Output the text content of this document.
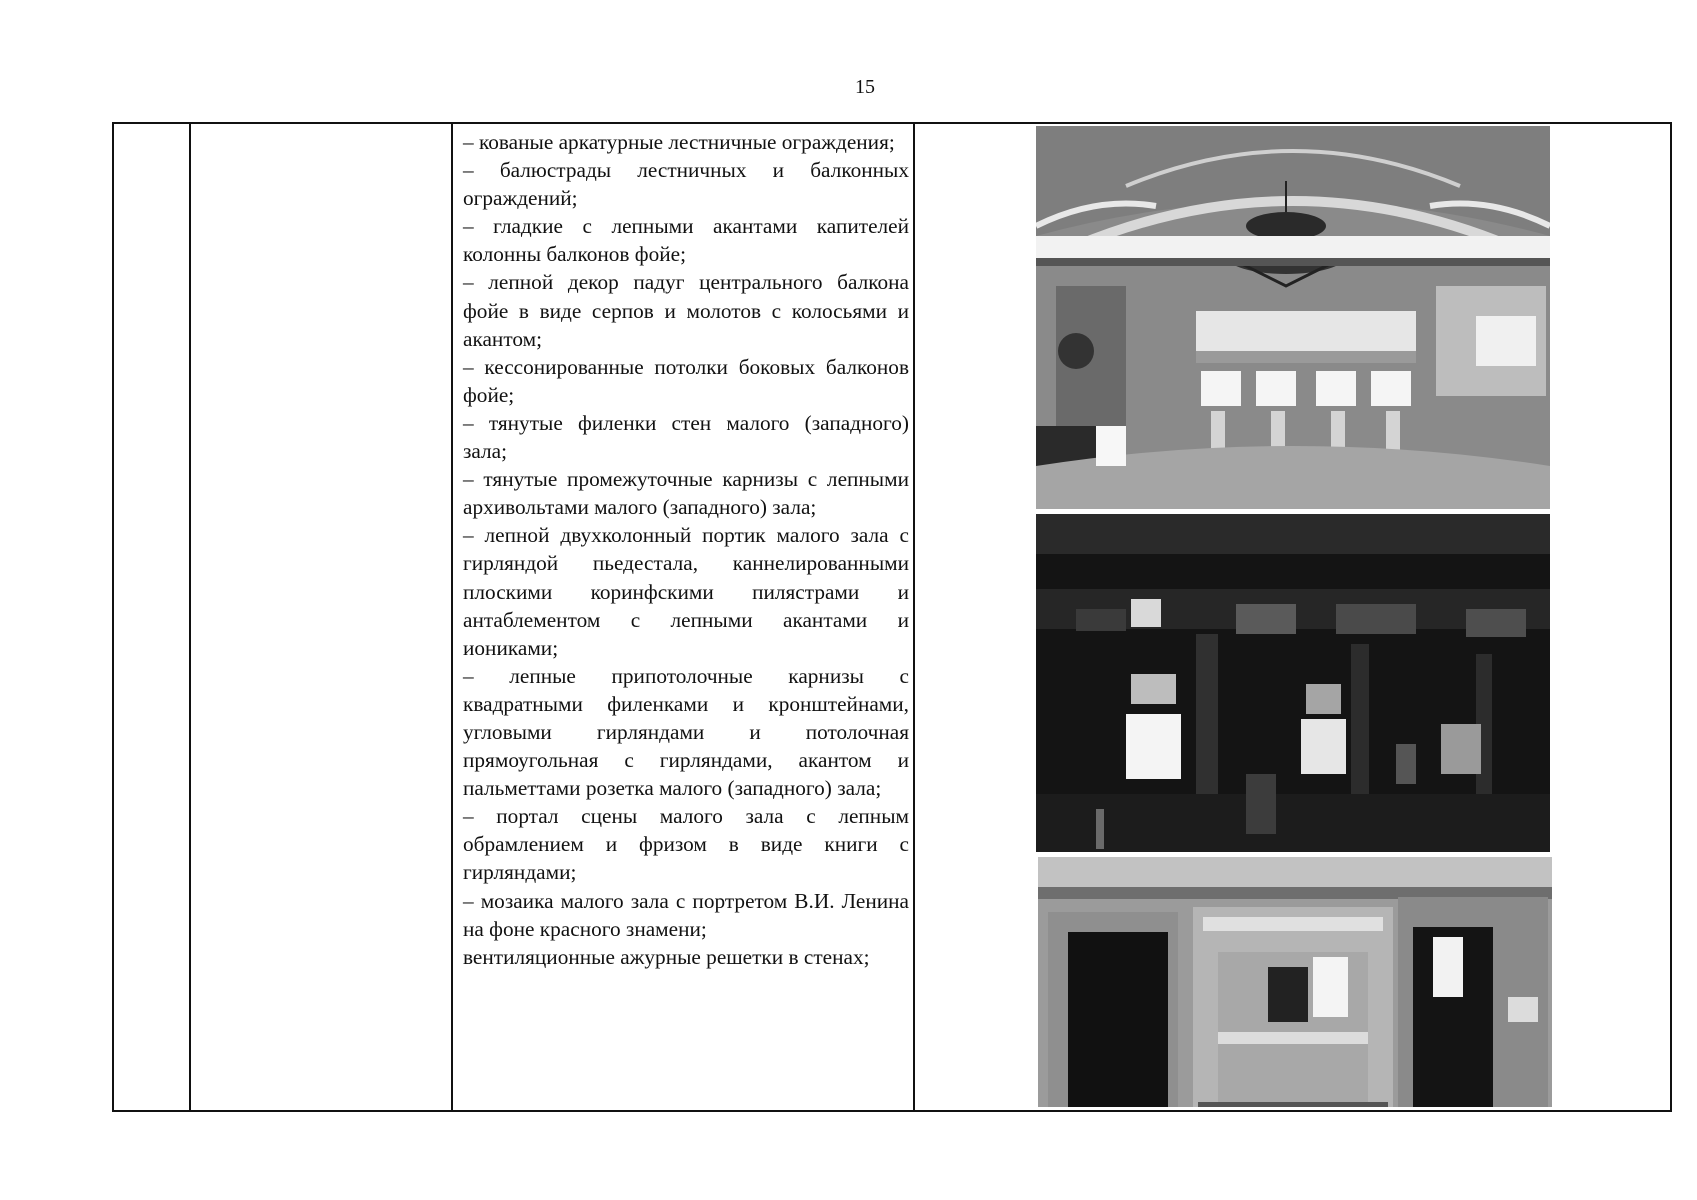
15

– кованые аркатурные лестничные ограждения;

– балюстрады лестничных и балконных ограждений;

– гладкие с лепными акантами капителей колонны балконов фойе;

– лепной декор падуг центрального балкона фойе в виде серпов и молотов с колосьями и акантом;

– кессонированные потолки боковых балконов фойе;

– тянутые филенки стен малого (западного) зала;

– тянутые промежуточные карнизы с лепными архивольтами малого (западного) зала;

– лепной двухколонный портик малого зала с гирляндой пьедестала, каннелированными плоскими коринфскими пилястрами и антаблементом с лепными акантами и иониками;

– лепные припотолочные карнизы с квадратными филенками и кронштейнами, угловыми гирляндами и потолочная прямоугольная с гирляндами, акантом и пальметтами розетка малого (западного) зала;

– портал сцены малого зала с лепным обрамлением и фризом в виде книги с гирляндами;

– мозаика малого зала с портретом В.И. Ленина на фоне красного знамени;

вентиляционные ажурные решетки в стенах;
